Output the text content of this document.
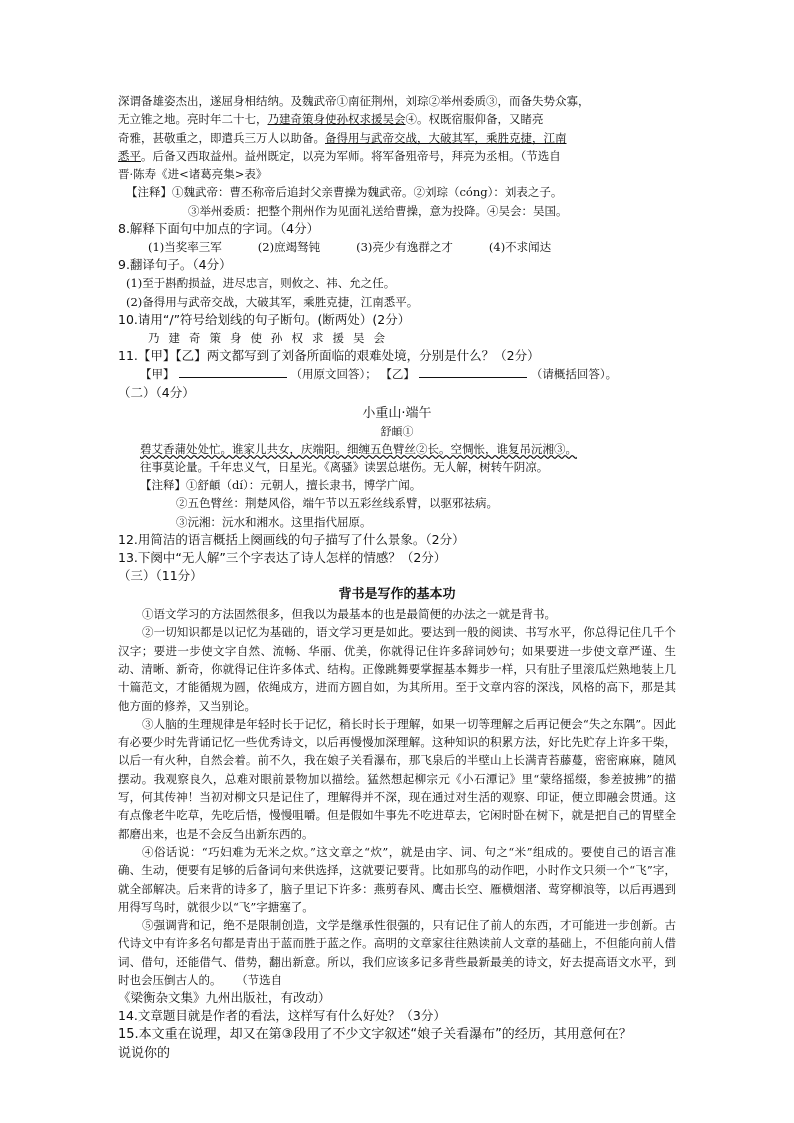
深谓备雄姿杰出，遂屈身相结纳。及魏武帝①南征荆州，刘琮②举州委质③，而备失势众寡，

无立锥之地。亮时年二十七，乃建奇策身使孙权求援吴会④。权既宿服仰备，又睹亮

奇雅，甚敬重之，即遣兵三万人以助备。备得用与武帝交战，大破其军，乘胜克捷，江南

悉平。后备又西取益州。益州既定，以亮为军师。将军备殂帝号，拜亮为丞相。（节选自

晋·陈寿《进<诸葛亮集>表》

【注释】①魏武帝：曹丕称帝后追封父亲曹操为魏武帝。②刘琮（cóng）：刘表之子。

③举州委质：把整个荆州作为见面礼送给曹操，意为投降。④吴会：吴国。

8.解释下面句中加点的字词。（4分）

(1)当奖率三军	(2)庶竭驽钝	(3)亮少有逸群之才	(4)不求闻达

9.翻译句子。（4分）

(1)至于斟酌损益，进尽忠言，则攸之、祎、允之任。

(2)备得用与武帝交战，大破其军，乘胜克捷，江南悉平。

10.请用“/”符号给划线的句子断句。(断两处）(2分）

乃建奇策身使孙权求援吴会

11.【甲】【乙】两文都写到了刘备所面临的艰难处境，分别是什么？（2分）

【甲】	（用原文回答）； 【乙】	（请概括回答）。

（二）（4分）

小重山·端午

舒頔①

碧艾香蒲处处忙。谁家儿共女，庆端阳。细缠五色臂丝②长。空惆怅，谁复吊沅湘③。

往事莫论量。千年忠义气，日星光。《离骚》读罢总堪伤。无人解，树转午阴凉。

【注释】①舒頔（dí）：元朝人，擅长隶书，博学广闻。

②五色臂丝：荆楚风俗，端午节以五彩丝线系臂，以驱邪祛病。

③沅湘：沅水和湘水。这里指代屈原。

12.用简洁的语言概括上阕画线的句子描写了什么景象。（2分）

13.下阕中“无人解”三个字表达了诗人怎样的情感？（2分）

（三）（11分）

背书是写作的基本功

①语文学习的方法固然很多，但我以为最基本的也是最简便的办法之一就是背书。

②一切知识都是以记忆为基础的，语文学习更是如此。要达到一般的阅读、书写水平，你总得记住几千个汉字；要进一步使文字自然、流畅、华丽、优美，你就得记住许多辞词妙句；如果要进一步使文章严谨、生动、清晰、新奇，你就得记住许多体式、结构。正像跳舞要掌握基本舞步一样，只有肚子里滚瓜烂熟地装上几十篇范文，才能循规为圆，依绳成方，进而方圆自如，为其所用。至于文章内容的深浅，风格的高下，那是其他方面的修养，又当别论。

③人脑的生理规律是年轻时长于记忆，稍长时长于理解，如果一切等理解之后再记便会“失之东隅”。因此有必要少时先背诵记忆一些优秀诗文，以后再慢慢加深理解。这种知识的积累方法，好比先贮存上许多干柴，以后一有火种，自然会着。前不久，我在娘子关看瀑布，那飞泉后的半壁山上长满青苔藤蔓，密密麻麻，随风摆动。我观察良久，总难对眼前景物加以描绘。猛然想起柳宗元《小石潭记》里“蒙络摇缀，参差披拂”的描写，何其传神！当初对柳文只是记住了，理解得并不深，现在通过对生活的观察、印证，便立即融会贯通。这有点像老牛吃草，先吃后悟，慢慢咀嚼。但是假如牛事先不吃进草去，它闲时卧在树下，就是把自己的胃壁全都磨出来，也是不会反刍出新东西的。

④俗话说：“巧妇难为无米之炊。”这文章之“炊”，就是由字、词、句之“米”组成的。要使自己的语言准确、生动，便要有足够的后备词句来供选择，这就要记要背。比如那鸟的动作吧，小时作文只须一个“飞”字，就全部解决。后来背的诗多了，脑子里记下许多：燕剪春风、鹰击长空、雁横烟渚、莺穿柳浪等，以后再遇到用得写鸟时，就很少以“飞”字搪塞了。

⑤强调背和记，绝不是限制创造，文学是继承性很强的，只有记住了前人的东西，才可能进一步创新。古代诗文中有许多名句都是青出于蓝而胜于蓝之作。高明的文章家往往熟读前人文章的基础上，不但能向前人借词、借句，还能借气、借势，翻出新意。所以，我们应该多记多背些最新最美的诗文，好去提高语文水平，到时也会压倒古人的。 （节选自

《梁衡杂文集》九州出版社，有改动）

14.文章题目就是作者的看法，这样写有什么好处？（3分）

15.本文重在说理，却又在第③段用了不少文字叙述“娘子关看瀑布”的经历，其用意何在？

说说你的
